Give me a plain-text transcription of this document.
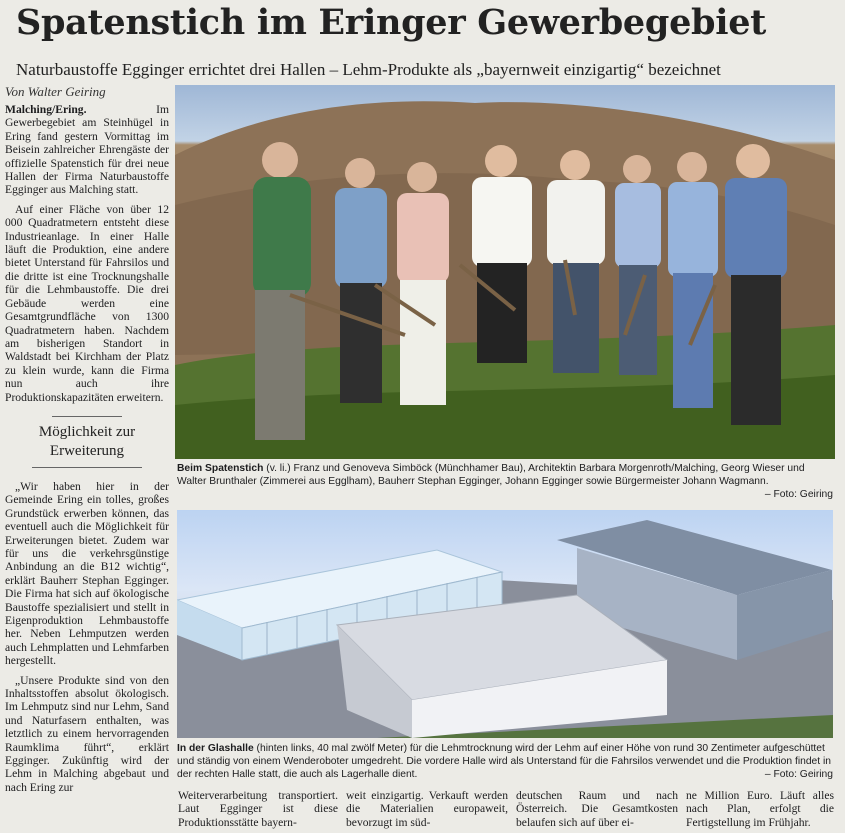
Spatenstich im Eringer Gewerbegebiet
Naturbaustoffe Egginger errichtet drei Hallen – Lehm-Produkte als „bayernweit einzigartig“ bezeichnet
Von Walter Geiring

Malching/Ering.	Im Gewerbegebiet am Steinhügel in Ering fand gestern Vormittag im Beisein zahlreicher Ehrengäste der offizielle Spatenstich für drei neue Hallen der Firma Naturbaustoffe Egginger aus Malching statt.

Auf einer Fläche von über 12 000 Quadratmetern entsteht diese Industrieanlage. In einer Halle läuft die Produktion, eine andere bietet Unterstand für Fahrsilos und die dritte ist eine Trocknungshalle für die Lehmbaustoffe. Die drei Gebäude werden eine Gesamtgrundfläche von 1300 Quadratmetern haben. Nachdem am bisherigen Standort in Waldstadt bei Kirchham der Platz zu klein wurde, kann die Firma nun auch ihre Produktionskapazitäten erweitern.

Möglichkeit zur Erweiterung

„Wir haben hier in der Gemeinde Ering ein tolles, großes Grundstück erwerben können, das eventuell auch die Möglichkeit für Erweiterungen bietet. Zudem war für uns die verkehrsgünstige Anbindung an die B12 wichtig“, erklärt Bauherr Stephan Egginger. Die Firma hat sich auf ökologische Baustoffe spezialisiert und stellt in Eigenproduktion Lehmbaustoffe her. Neben Lehmputzen werden auch Lehmplatten und Lehmfarben hergestellt.

„Unsere Produkte sind von den Inhaltsstoffen absolut ökologisch. Im Lehmputz sind nur Lehm, Sand und Naturfasern enthalten, was letztlich zu einem hervorragenden Raumklima führt“, erklärt Egginger. Zukünftig wird der Lehm in Malching abgebaut und nach Ering zur

Beim Spatenstich (v. li.) Franz und Genoveva Simböck (Münchhamer Bau), Architektin Barbara Morgenroth/Malching, Georg Wieser und Walter Brunthaler (Zimmerei aus Egglham), Bauherr Stephan Egginger, Johann Egginger sowie Bürgermeister Johann Wagmann.
– Foto: Geiring
In der Glashalle (hinten links, 40 mal zwölf Meter) für die Lehmtrocknung wird der Lehm auf einer Höhe von rund 30 Zentimeter aufgeschüttet und ständig von einem Wenderoboter umgedreht. Die vordere Halle wird als Unterstand für die Fahrsilos verwendet und die Produktion findet in der rechten Halle statt, die auch als Lagerhalle dient.	– Foto: Geiring
Weiterverarbeitung transportiert. Laut Egginger ist diese Produktionsstätte bayern-
weit einzigartig. Verkauft werden die Materialien europaweit, bevorzugt im süd-
deutschen Raum und nach Österreich. Die Gesamtkosten belaufen sich auf über ei-
ne Million Euro. Läuft alles nach Plan, erfolgt die Fertigstellung im Frühjahr.
